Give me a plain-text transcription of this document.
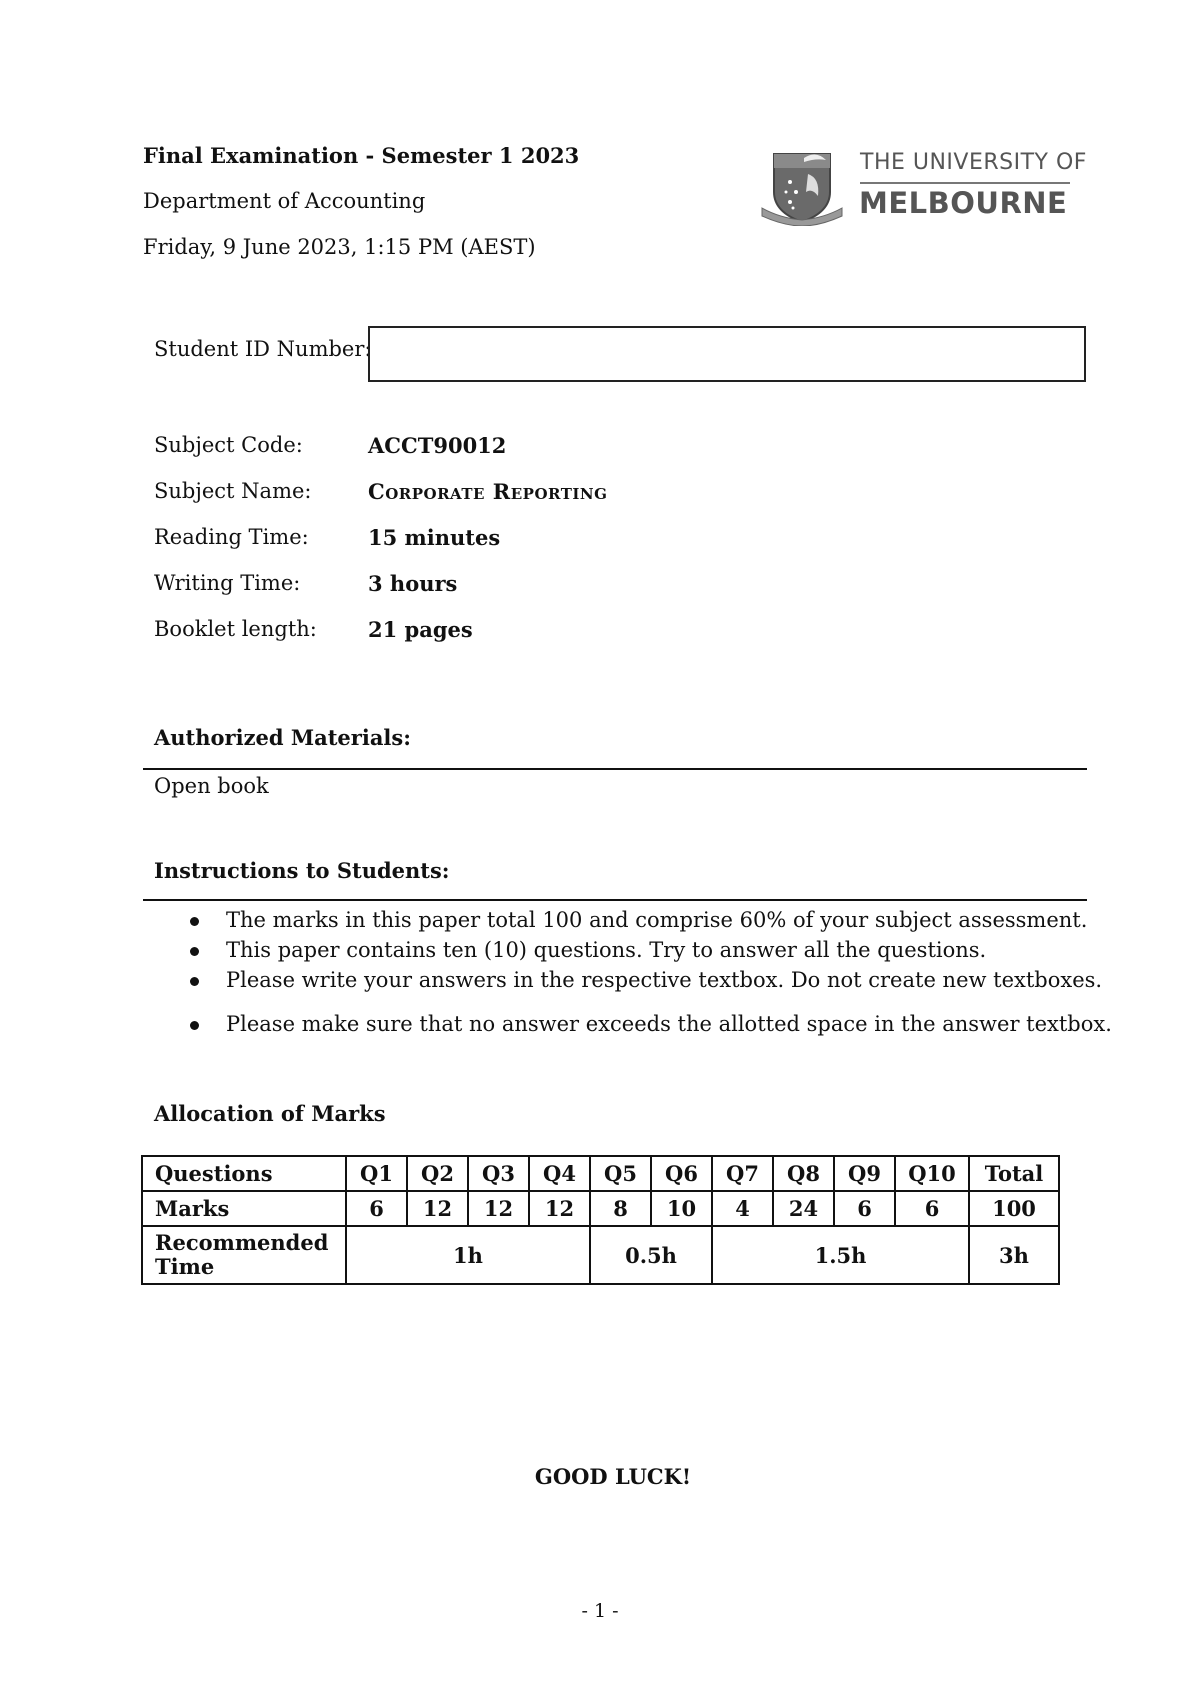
Final Examination - Semester 1 2023
Department of Accounting
Friday, 9 June 2023, 1:15 PM (AEST)
THE UNIVERSITY OF
MELBOURNE
Student ID Number:
Subject Code:	ACCT90012
Subject Name:	Corporate Reporting
Reading Time:	15 minutes
Writing Time:	3 hours
Booklet length: 21 pages
Authorized Materials:
Open book
Instructions to Students:
The marks in this paper total 100 and comprise 60% of your subject assessment.
This paper contains ten (10) questions. Try to answer all the questions.
Please write your answers in the respective textbox. Do not create new textboxes.
Please make sure that no answer exceeds the allotted space in the answer textbox.
Allocation of Marks
Questions	Q1	Q2	Q3	Q4	Q5	Q6	Q7	Q8	Q9	Q10	Total
Marks	6	12	12	12	8	10	4	24	6	6	100
Recommended Time	1h				0.5h		1.5h				3h
GOOD LUCK!
- 1 -
